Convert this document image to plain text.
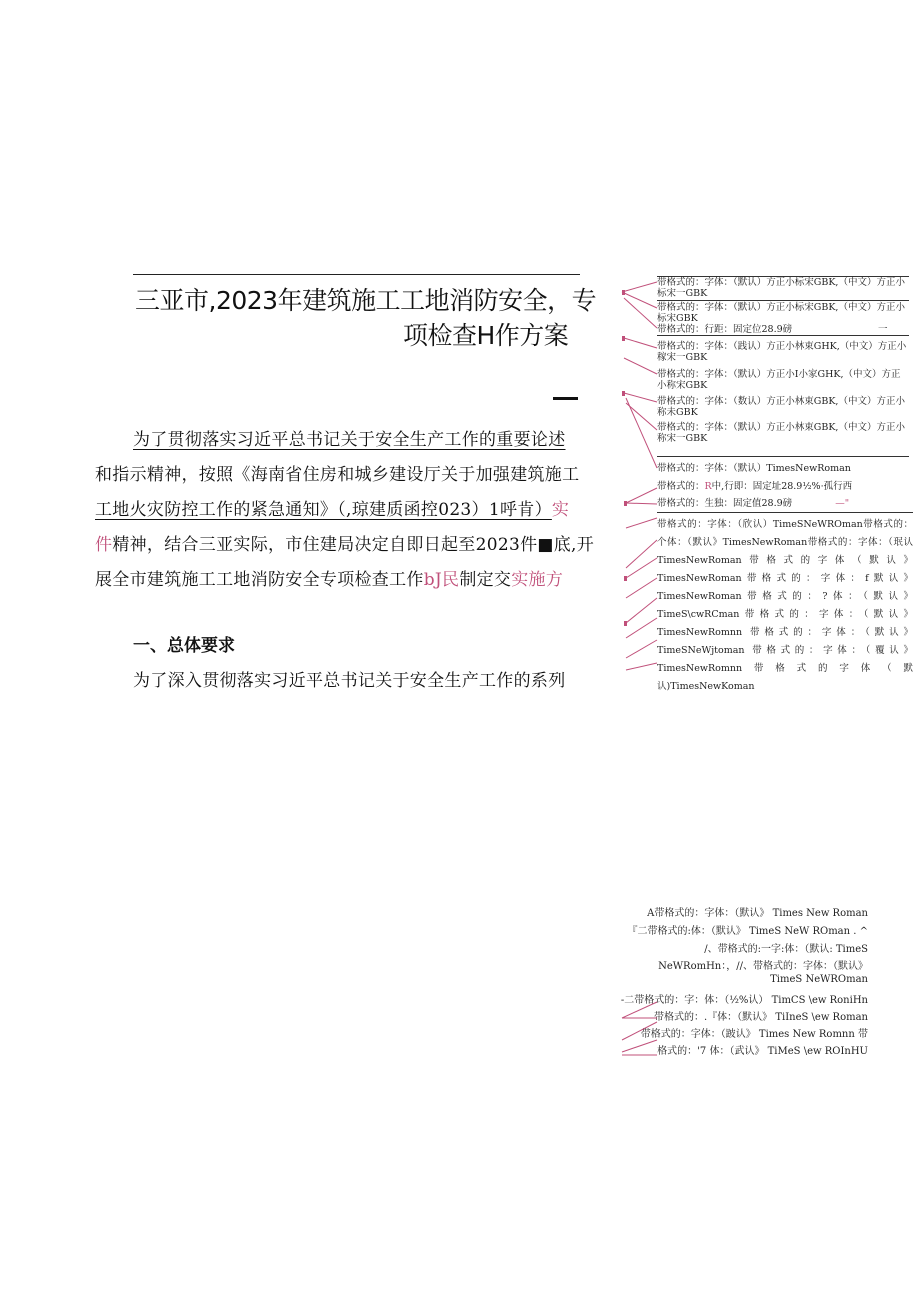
三亚市,2023年建筑施工工地消防安全，专
项检查H作方案
为了贯彻落实习近平总书记关于安全生产工作的重要论述
和指示精神，按照《海南省住房和城乡建设厅关于加强建筑施工
工地火灾防控工作的紧急通知》（,琼建质函控023）1呼肯）实
件精神，结合三亚实际，市住建局决定自即日起至2023件■底,开
展全市建筑施工工地消防安全专项检查工作bJ民制定交实施方
一、总体要求
为了深入贯彻落实习近平总书记关于安全生产工作的系列
带格式的：字体：（默认）方正小标宋GBK,（中文）方正小标宋一GBK
带格式的：字体：（默认）方正小标宋GBK,（中文）方正小标宋GBK
带格式的：行距：固定位28.9磅	一
带格式的：字体：（践认）方正小林束GHK,（中文）方正小稼宋一GBK
带格式的：字体：（默认）方正小I小家GHK,（中文）方正小称宋GBK
带格式的：字体：（数认）方正小林束GBK,（中文）方正小称未GBK
带格式的：字体：（默认）方正小林束GBK,（中文）方正小称宋一GBK
带格式的：字体：（默认）TimesNewRoman
带格式的：R中,行即：固定址28.9½%·孤行西
带格式的：生独：固定值28.9磅	—"
带格式的：字体：（欣认）TimeSNeWROman带格式的：个体：（默认》TimesNewRoman带格式的：字体：（珉认TimesNewRoman带格式的字体（默认》TimesNewRoman带格式的：字体：f默认》TimesNewRoman带格式的：?体：（默认》TimeS\cwRCman带格式的：字体：（默认》TimesNewRomnn 带格式的：字体：（默认》TimeSNeWjtoman 带格式的：字体：（覆认》TimesNewRomnn带格式的字体（默认)TimesNewKoman
A带格式的：字体：（默认》 Times New Roman
『二带格式的:体：（默认》 TimeS NeW ROman . ^
/、带格式的:一字:体：（默认: TimeS
NeWRomHn：，//、带格式的：字体：（默认》
TimeS NeWROman
-二带格式的：字：体：（½%认） TimCS \ew RoniHn
带格式的：.『体：（默认》 TiIneS \ew Roman
带格式的：字体：（跛认》 Times New Romnn 带
格式的：'7 体：（武认》 TiMeS \ew ROInHU
